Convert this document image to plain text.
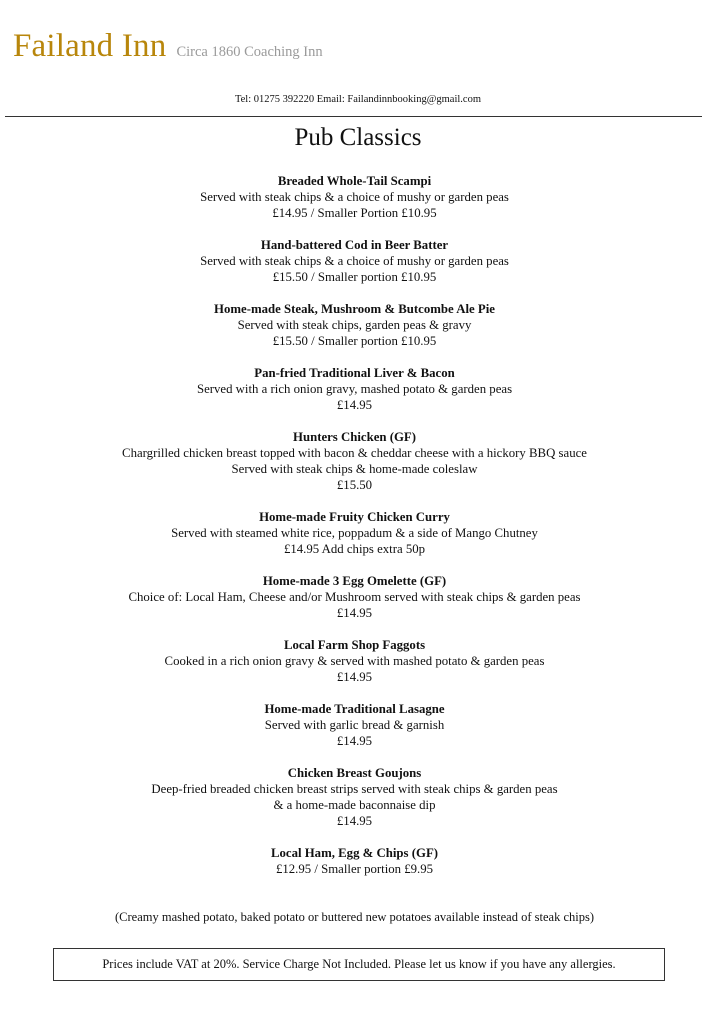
Failand Inn Circa 1860 Coaching Inn
Tel: 01275 392220 Email: Failandinnbooking@gmail.com
Pub Classics
Breaded Whole-Tail Scampi
Served with steak chips & a choice of mushy or garden peas
£14.95 / Smaller Portion £10.95
Hand-battered Cod in Beer Batter
Served with steak chips & a choice of mushy or garden peas
£15.50 / Smaller portion £10.95
Home-made Steak, Mushroom & Butcombe Ale Pie
Served with steak chips, garden peas & gravy
£15.50 / Smaller portion £10.95
Pan-fried Traditional Liver & Bacon
Served with a rich onion gravy, mashed potato & garden peas
£14.95
Hunters Chicken (GF)
Chargrilled chicken breast topped with bacon & cheddar cheese with a hickory BBQ sauce
Served with steak chips & home-made coleslaw
£15.50
Home-made Fruity Chicken Curry
Served with steamed white rice, poppadum & a side of Mango Chutney
£14.95 Add chips extra 50p
Home-made 3 Egg Omelette (GF)
Choice of: Local Ham, Cheese and/or Mushroom served with steak chips & garden peas
£14.95
Local Farm Shop Faggots
Cooked in a rich onion gravy & served with mashed potato & garden peas
£14.95
Home-made Traditional Lasagne
Served with garlic bread & garnish
£14.95
Chicken Breast Goujons
Deep-fried breaded chicken breast strips served with steak chips & garden peas
& a home-made baconnaise dip
£14.95
Local Ham, Egg & Chips (GF)
£12.95 / Smaller portion £9.95
(Creamy mashed potato, baked potato or buttered new potatoes available instead of steak chips)
Prices include VAT at 20%. Service Charge Not Included. Please let us know if you have any allergies.
